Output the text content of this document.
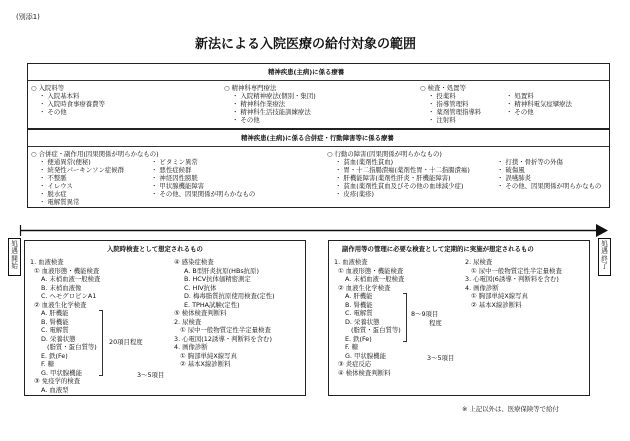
(別添1)
新法による入院医療の給付対象の範囲
精神疾患(主病)に係る療養
○ 入院料等
・ 入院基本料
・ 入院時食事療養費等
・ その他
○ 精神科専門療法
・ 入院精神療法(個別・集団)
・ 精神科作業療法
・ 精神科生活技能訓練療法
・ その他
○ 検査・処置等
・ 投薬料
・ 指導管理料
・ 薬剤管理指導料
・ 注射料
・ 処置料
・ 精神科電気痙攣療法
・ その他
精神疾患(主病)に係る合併症・行動障害等に係る療養
○ 合併症・副作用(因果関係が明らかなもの)
・ 便通異常(便秘)
・ 続発性パーキンソン症候群
・ 不整脈
・ イレウス
・ 脱水症
・ 電解質異常
・ ビタミン異常
・ 悪性症候群
・ 神経因性膀胱
・ 甲状腺機能障害
・ その他、因果関係が明らかなもの
○ 行動の障害(因果関係が明らかなもの)
・ 貧血(薬剤性貧血)
・ 胃・十二指腸潰瘍(薬剤性胃・十二指腸潰瘍)
・ 肝機能障害(薬剤性肝炎・肝機能障害)
・ 貧血(薬剤性貧血及びその他の血球減少症)
・ 皮疹(薬疹)
・ 打撲・骨折等の外傷
・ 破傷風
・ 誤嚥肺炎
・ その他、因果関係が明らかなもの
処遇開始
処遇終了
入院時検査として想定されるもの
1. 血液検査
① 血液形態・機能検査
A. 末梢血液一般検査
B. 末梢血液像
C. ヘモグロビンA1
② 血液生化学検査
A. 肝機能
B. 腎機能
C. 電解質
D. 栄養状態
(脂質・蛋白質等)
E. 鉄(Fe)
F. 糖
G. 甲状腺機能
③ 免疫学的検査
A. 血液型
20項目程度
3〜5項目
④ 感染症検査
A. B型肝炎抗原(HBs抗原)
B. HCV抗体価精密測定
C. HIV抗体
D. 梅毒脂質抗原使用検査(定性)
E. TPHA試験(定性)
⑤ 検体検査判断料
2. 尿検査
① 尿中一般物質定性半定量検査
3. 心電図(12誘導・判断料を含む)
4. 画像診断
① 胸部単純X線写真
② 基本X線診断料
副作用等の管理に必要な検査として定期的に実施が想定されるもの
1. 血液検査
① 血液形態・機能検査
A. 末梢血液一般検査
② 血液生化学検査
A. 肝機能
B. 腎機能
C. 電解質
D. 栄養状態
(脂質・蛋白質等)
E. 鉄(Fe)
F. 糖
G. 甲状腺機能
③ 炎症反応
④ 検体検査判断料
8〜9項目
程度
3〜5項目
2. 尿検査
① 尿中一般物質定性半定量検査
3. 心電図(6誘導・判断料を含む)
4. 画像診断
① 胸部単純X線写真
② 基本X線診断料
※ 上記以外は、医療保険等で給付
